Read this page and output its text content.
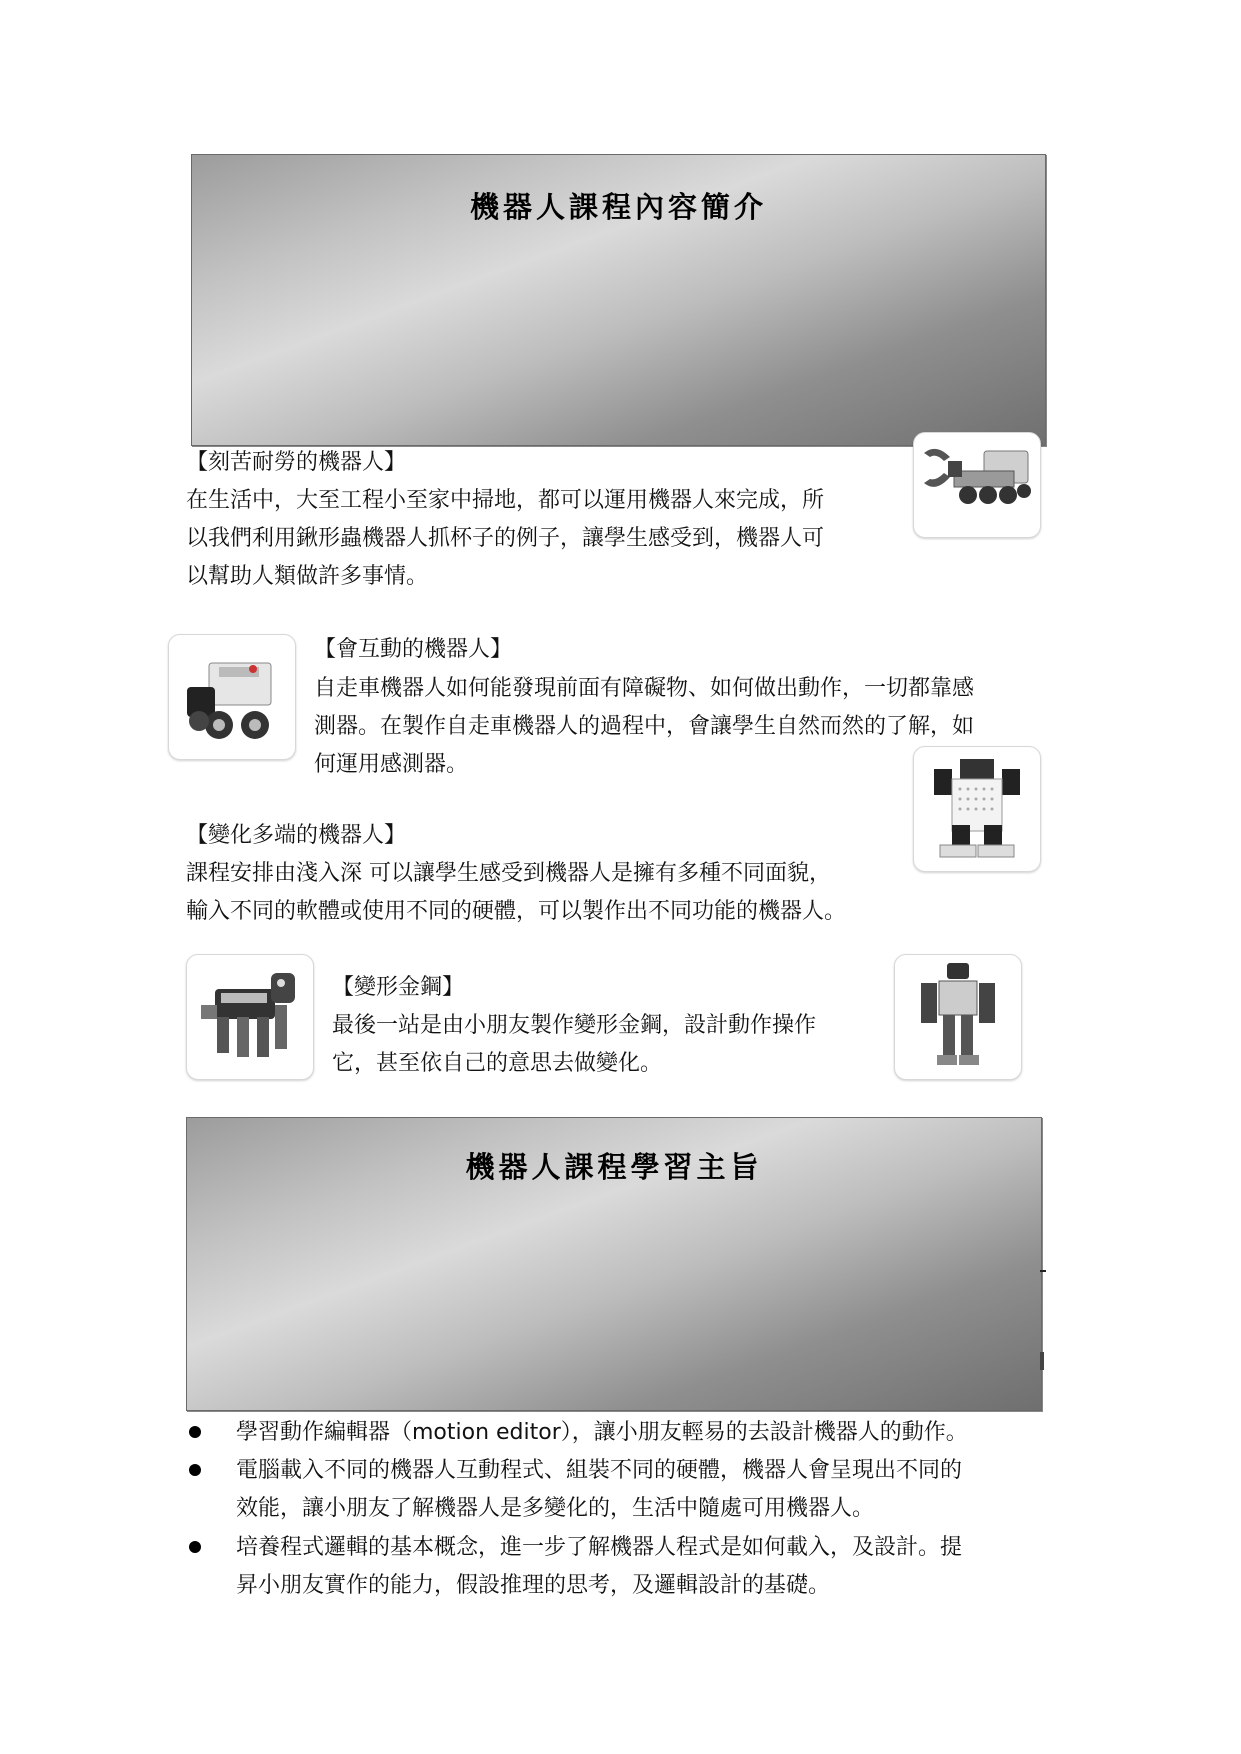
機器人課程內容簡介
【刻苦耐勞的機器人】
在生活中，大至工程小至家中掃地，都可以運用機器人來完成，所
以我們利用鍬形蟲機器人抓杯子的例子，讓學生感受到，機器人可
以幫助人類做許多事情。
【會互動的機器人】
自走車機器人如何能發現前面有障礙物、如何做出動作，一切都靠感
測器。在製作自走車機器人的過程中，會讓學生自然而然的了解，如
何運用感測器。
【變化多端的機器人】
課程安排由淺入深 可以讓學生感受到機器人是擁有多種不同面貌，
輸入不同的軟體或使用不同的硬體，可以製作出不同功能的機器人。
【變形金鋼】
最後一站是由小朋友製作變形金鋼，設計動作操作
它，甚至依自己的意思去做變化。
機器人課程學習主旨
學習動作編輯器（motion editor），讓小朋友輕易的去設計機器人的動作。
電腦載入不同的機器人互動程式、組裝不同的硬體，機器人會呈現出不同的
效能，讓小朋友了解機器人是多變化的，生活中隨處可用機器人。
培養程式邏輯的基本概念，進一步了解機器人程式是如何載入，及設計。提
昇小朋友實作的能力，假設推理的思考，及邏輯設計的基礎。
